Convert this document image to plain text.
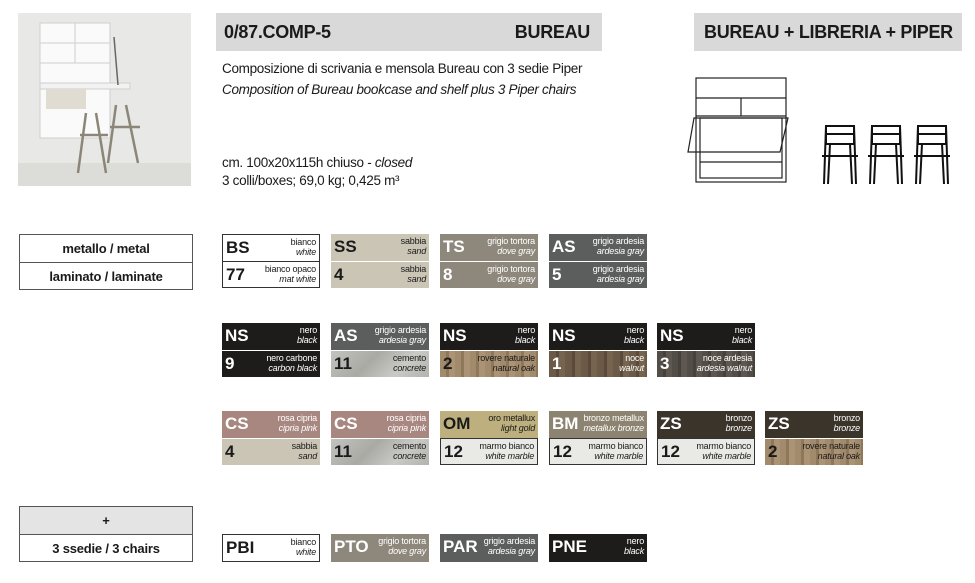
0/87.COMP-5	BUREAU	BUREAU + LIBRERIA + PIPER
Composizione di scrivania e mensola Bureau con 3 sedie Piper
Composition of Bureau bookcase and shelf plus 3 Piper chairs
cm. 100x20x115h chiuso - closed
3 colli/boxes; 69,0 kg; 0,425 m³
metallo / metal
laminato / laminate
+
3 ssedie / 3 chairs
BS	bianco
white
77 bianco opaco
mat white
SS	sabbia
sand
4	sabbia
sand
TS	grigio tortora
dove gray
8	grigio tortora
dove gray
AS grigio ardesia
ardesia gray
5	grigio ardesia
ardesia gray
NS	nero
black
9	nero carbone
carbon black
AS grigio ardesia
ardesia gray
11	cemento
concrete
NS	nero
black
2	rovere naturale
natural oak
NS	nero
black
1	noce
walnut
NS	nero
black
3	noce ardesia
ardesia walnut
CS	rosa cipria
cipria pink
4	sabbia
sand
CS	rosa cipria
cipria pink
11	cemento
concrete
OM oro metallux
light gold
12 marmo bianco
white marble
BM bronzo metallux
metallux bronze
12 marmo bianco
white marble
ZS	bronzo
bronze
12 marmo bianco
white marble
ZS	bronzo
bronze
2	rovere naturale
natural oak
PBI	bianco
white PTO grigio tortora
dove gray PAR grigio ardesia
ardesia gray PNE	nero
black
